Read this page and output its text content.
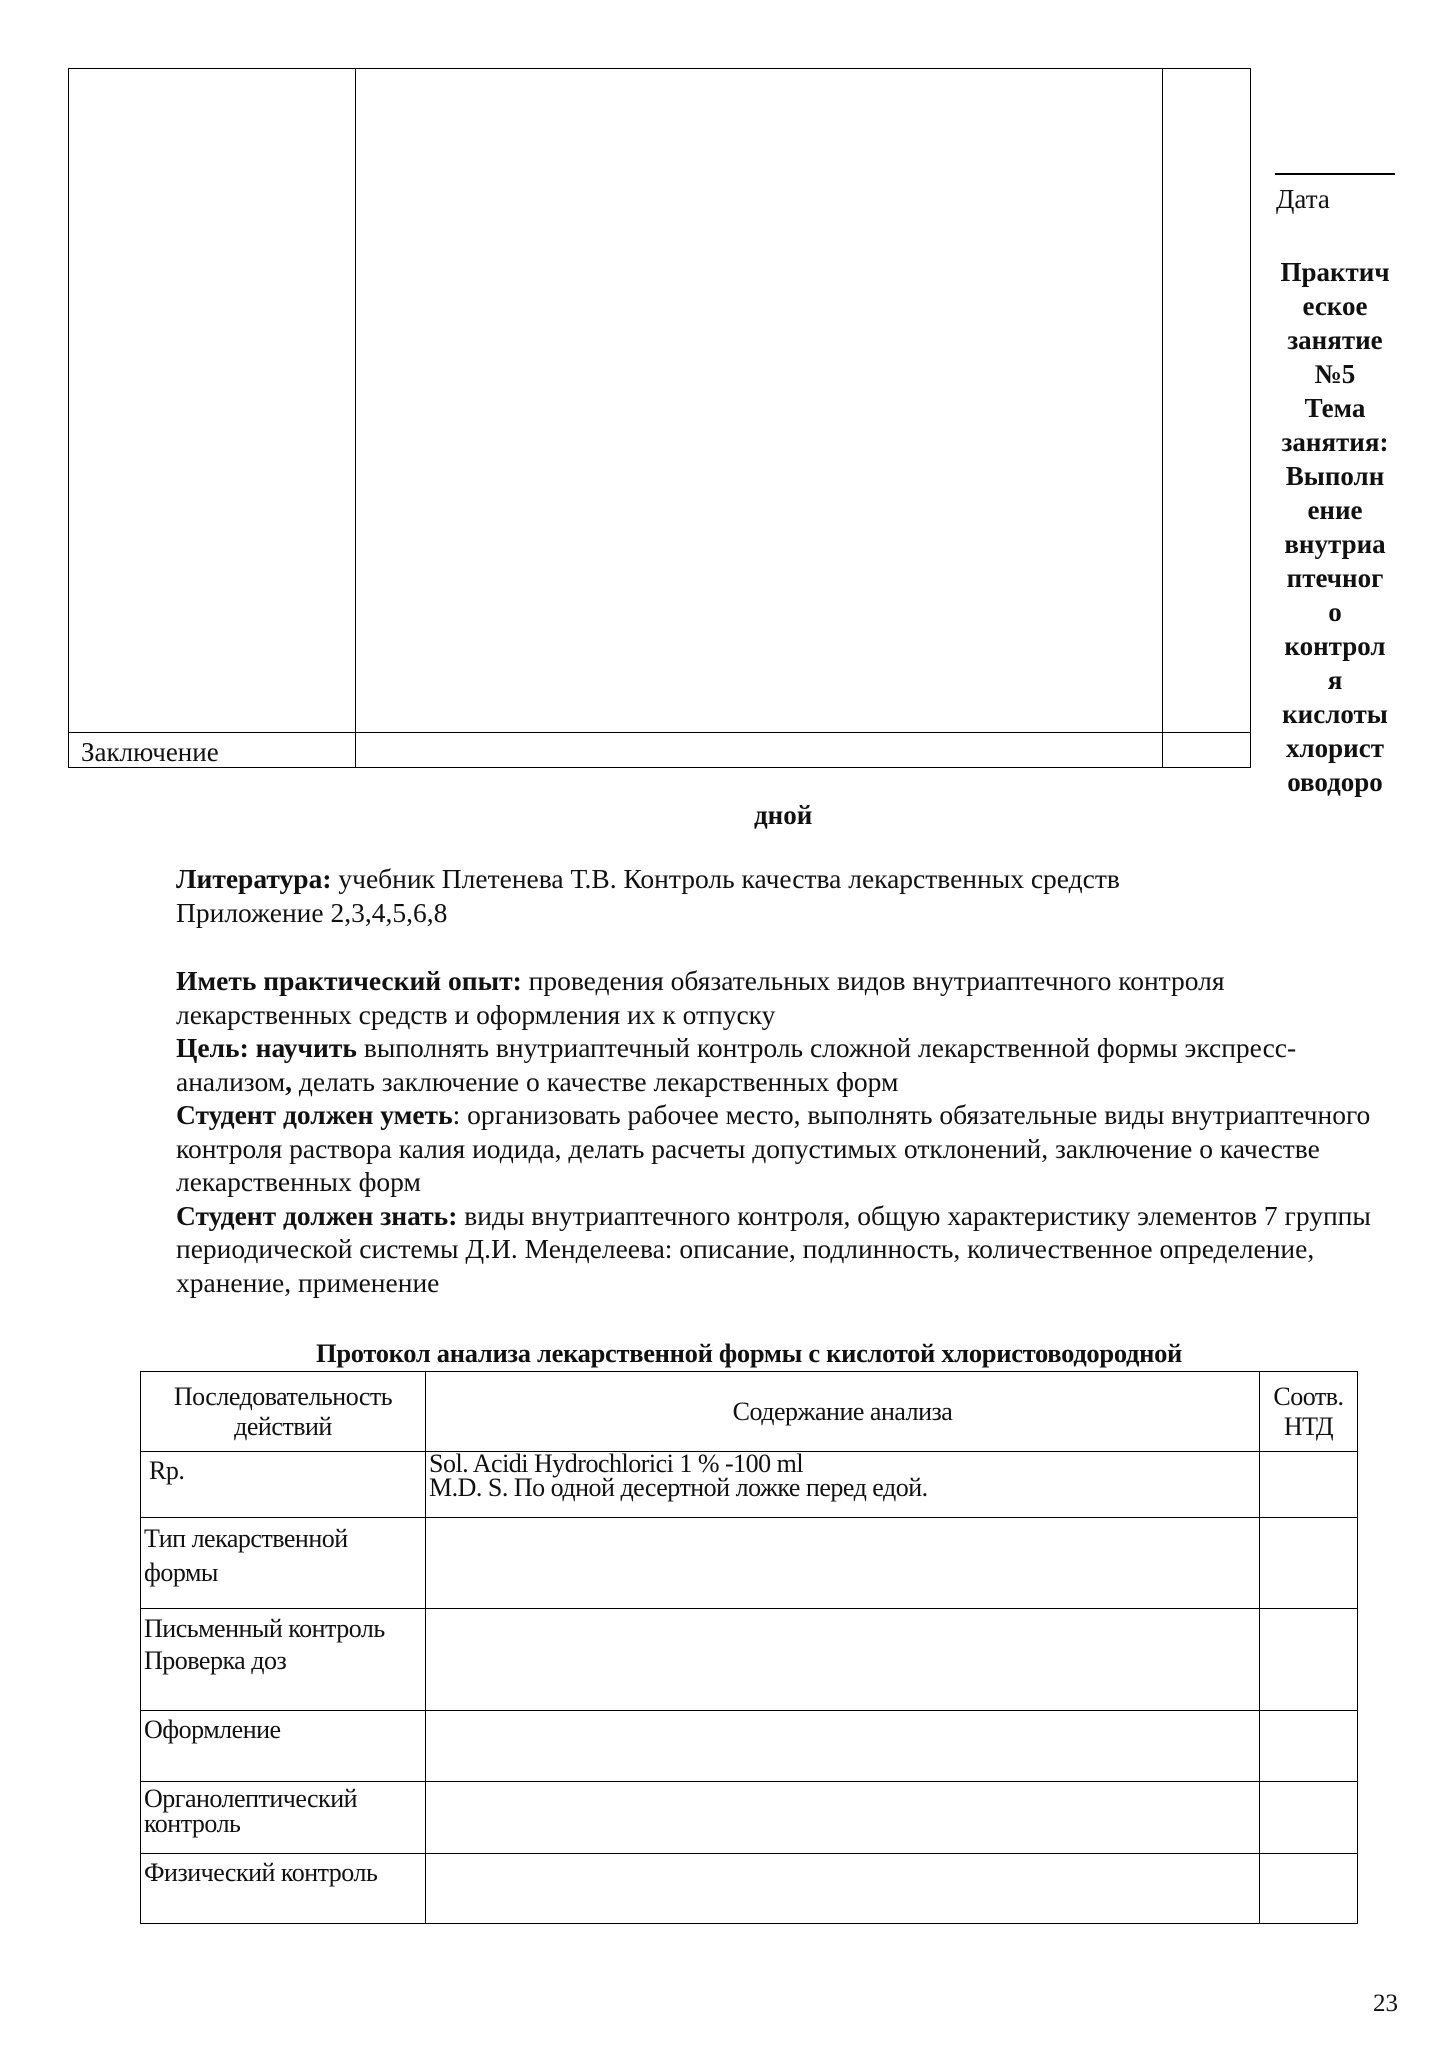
Заключение
Дата
Практич
еское
занятие
№5
Тема
занятия:
Выполн
ение
внутриа
птечног
о
контрол
я
кислоты
хлорист
оводоро
дной

Литература: учебник Плетенева Т.В. Контроль качества лекарственных средств

Приложение 2,3,4,5,6,8

Иметь практический опыт: проведения обязательных видов внутриаптечного контроля лекарственных средств и оформления их к отпуску

Цель: научить выполнять внутриаптечный контроль сложной лекарственной формы экспресс-анализом, делать заключение о качестве лекарственных форм

Студент должен уметь: организовать рабочее место, выполнять обязательные виды внутриаптечного контроля раствора калия иодида, делать расчеты допустимых отклонений, заключение о качестве лекарственных форм

Студент должен знать: виды внутриаптечного контроля, общую характеристику элементов 7 группы периодической системы Д.И. Менделеева: описание, подлинность, количественное определение, хранение, применение

Протокол анализа лекарственной формы с кислотой хлористоводородной
Последовательность действий	Содержание анализа	Соотв. НТД
Rp.	Sol. Acidi Hydrochlorici 1 % -100 ml
M.D. S. По одной десертной ложке перед едой.	

Тип лекарственной формы		
Письменный контроль Проверка доз		
Оформление		
Органолептический контроль		
Физический контроль		
23
